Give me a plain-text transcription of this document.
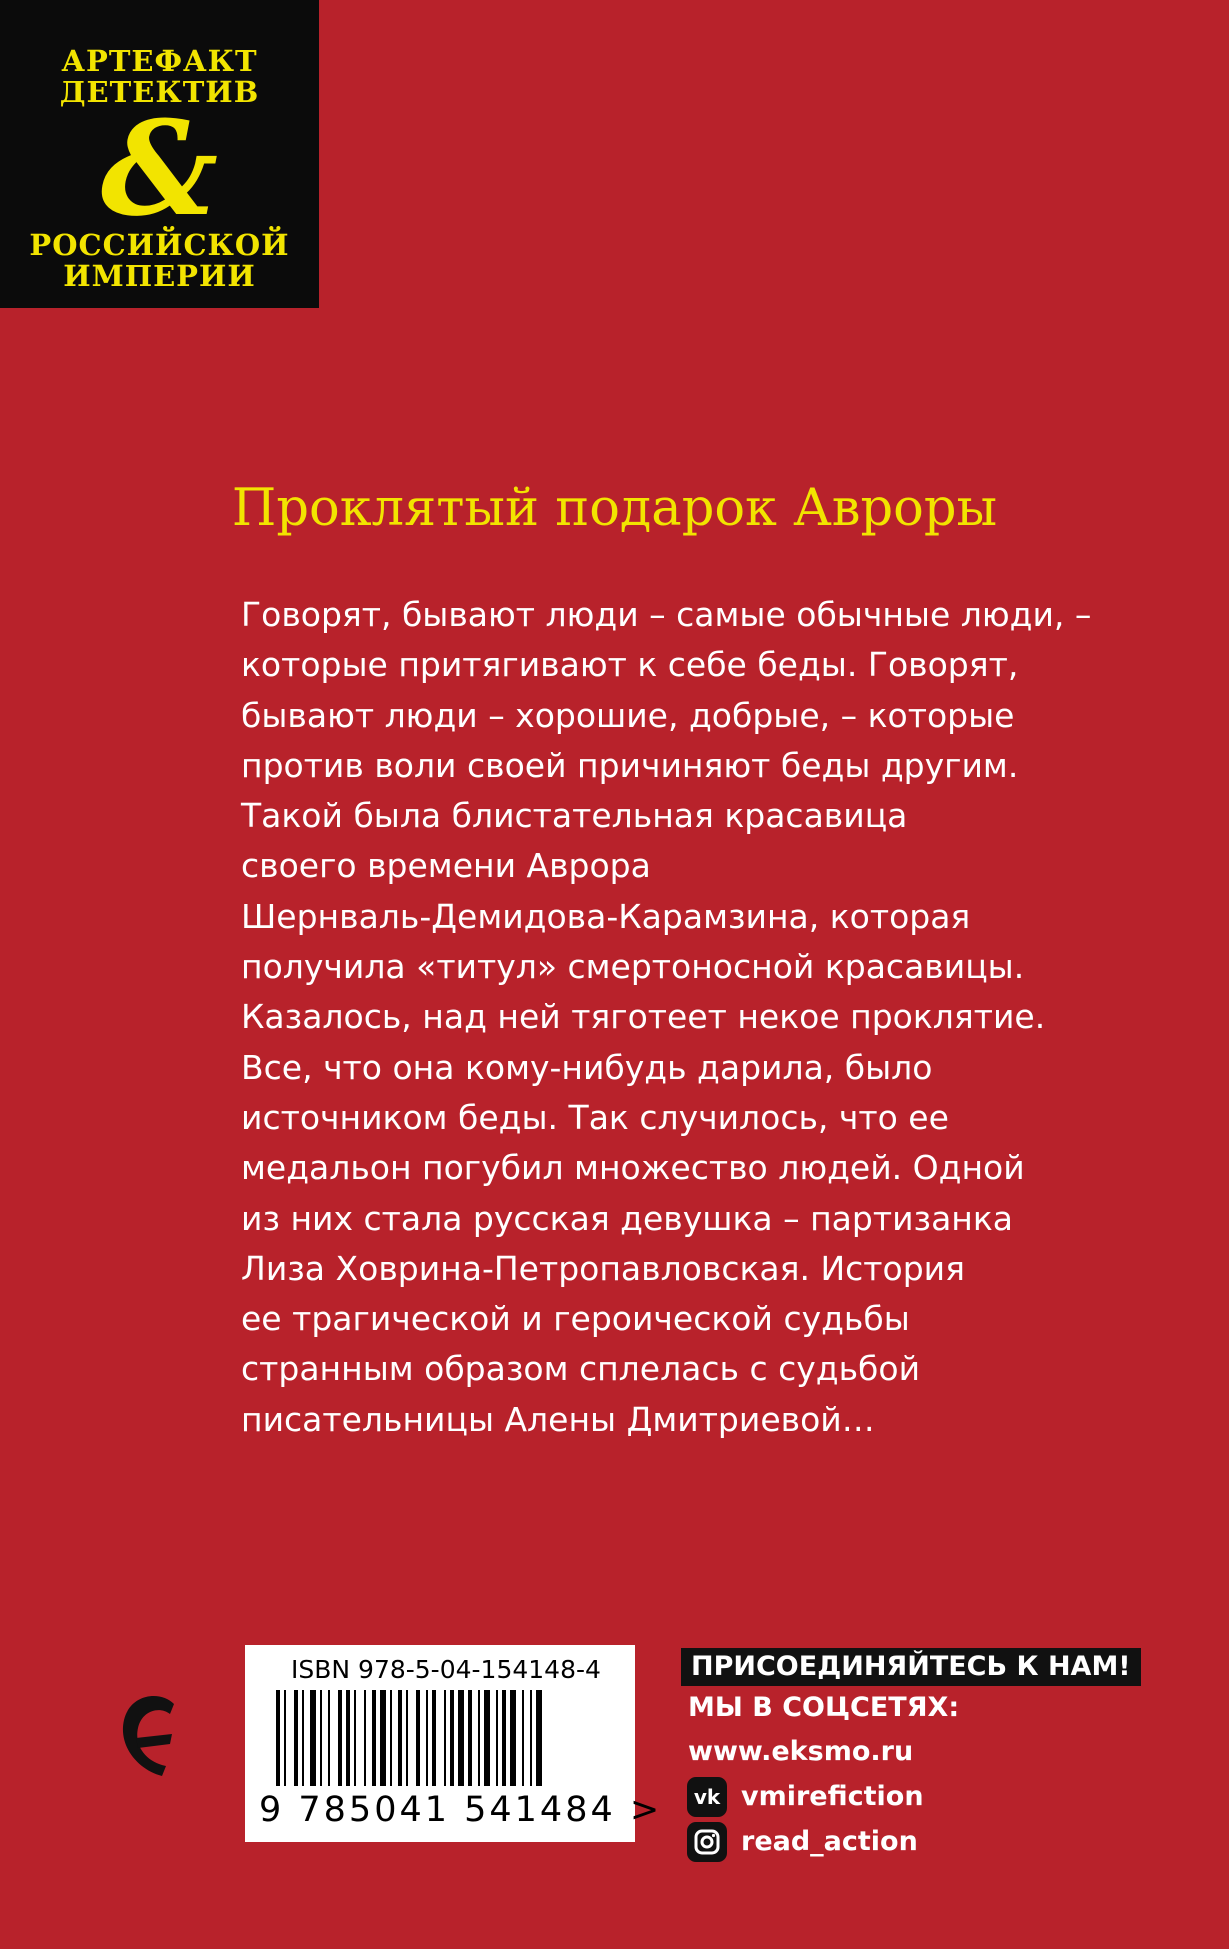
АРТЕФАКТ
ДЕТЕКТИВ
&
РОССИЙСКОЙ
ИМПЕРИИ
Проклятый подарок Авроры
Говорят, бывают люди – самые обычные люди, –
которые притягивают к себе беды. Говорят,
бывают люди – хорошие, добрые, – которые
против воли своей причиняют беды другим.
Такой была блистательная красавица
своего времени Аврора
Шернваль-Демидова-Карамзина, которая
получила «титул» смертоносной красавицы.
Казалось, над ней тяготеет некое проклятие.
Все, что она кому-нибудь дарила, было
источником беды. Так случилось, что ее
медальон погубил множество людей. Одной
из них стала русская девушка – партизанка
Лиза Ховрина-Петропавловская. История
ее трагической и героической судьбы
странным образом сплелась с судьбой
писательницы Алены Дмитриевой…
ISBN 978-5-04-154148-4
9 785041 541484 >
ПРИСОЕДИНЯЙТЕСЬ К НАМ!
МЫ В СОЦСЕТЯХ:
www.eksmo.ru
vk vmirefiction
read_action
